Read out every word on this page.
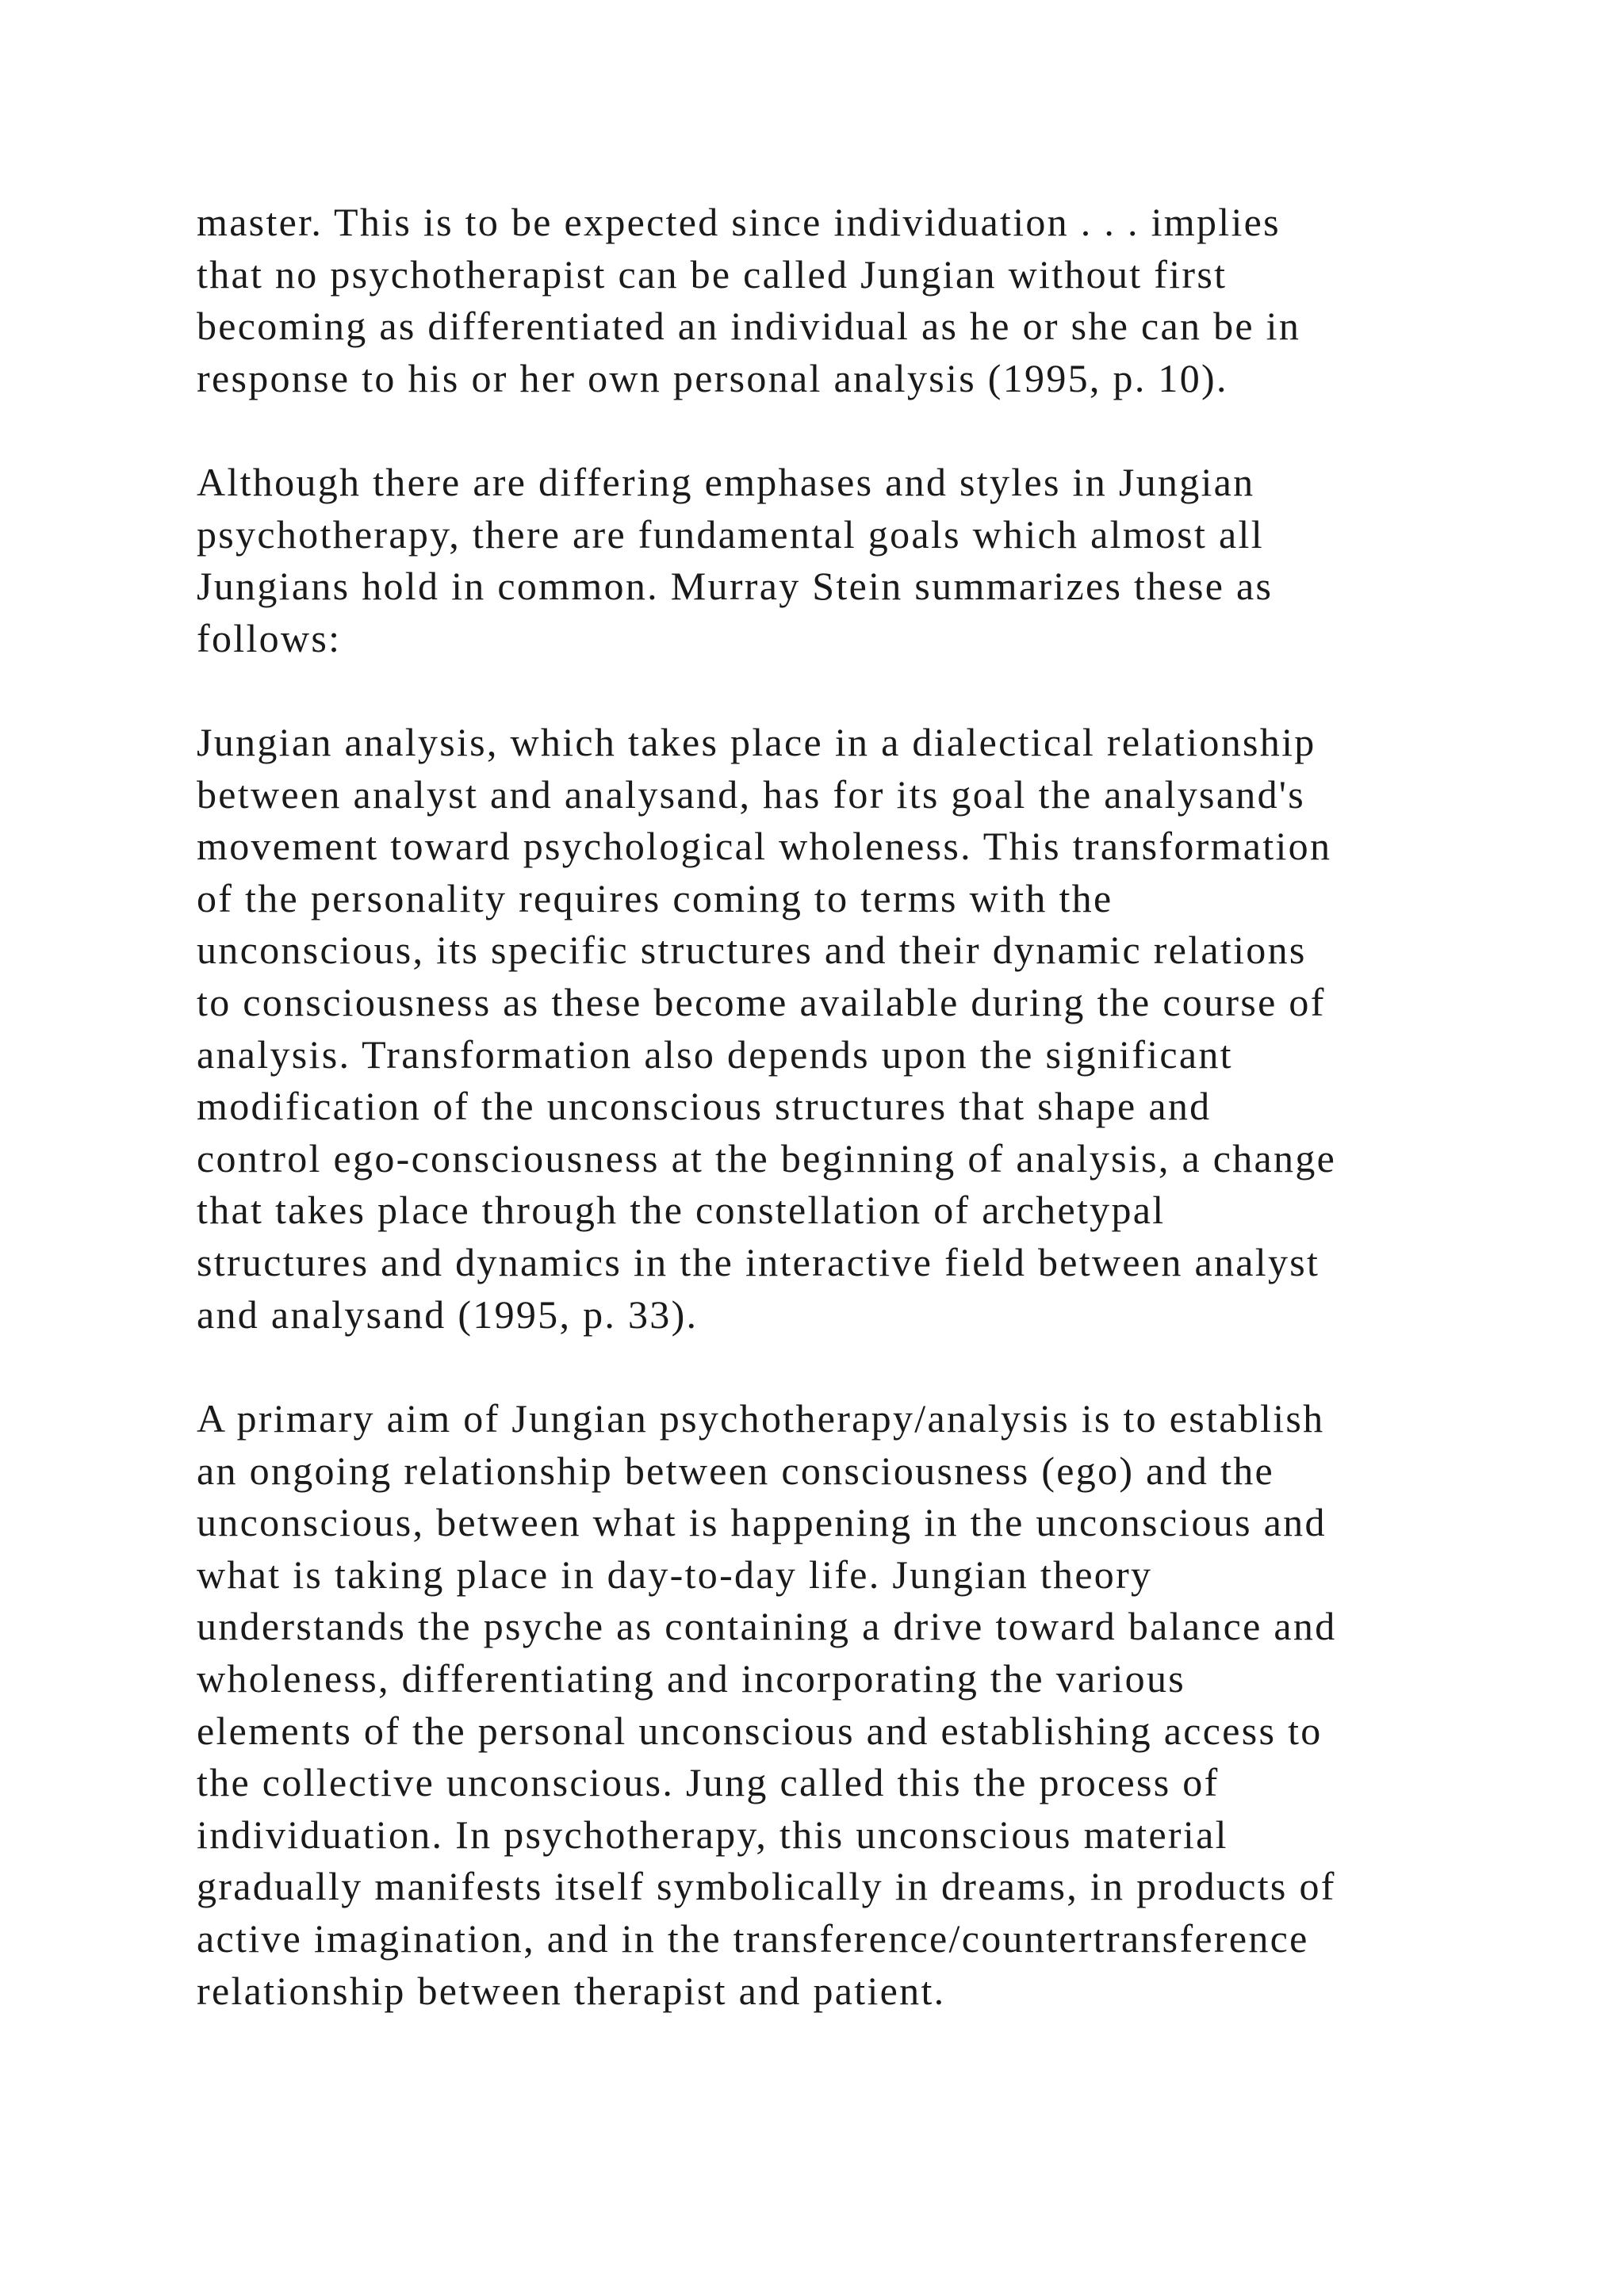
master. This is to be expected since individuation . . . implies
that no psychotherapist can be called Jungian without first
becoming as differentiated an individual as he or she can be in
response to his or her own personal analysis (1995, p. 10).

Although there are differing emphases and styles in Jungian
psychotherapy, there are fundamental goals which almost all
Jungians hold in common. Murray Stein summarizes these as
follows:

Jungian analysis, which takes place in a dialectical relationship
between analyst and analysand, has for its goal the analysand's
movement toward psychological wholeness. This transformation
of the personality requires coming to terms with the
unconscious, its specific structures and their dynamic relations
to consciousness as these become available during the course of
analysis. Transformation also depends upon the significant
modification of the unconscious structures that shape and
control ego-consciousness at the beginning of analysis, a change
that takes place through the constellation of archetypal
structures and dynamics in the interactive field between analyst
and analysand (1995, p. 33).

A primary aim of Jungian psychotherapy/analysis is to establish
an ongoing relationship between consciousness (ego) and the
unconscious, between what is happening in the unconscious and
what is taking place in day-to-day life. Jungian theory
understands the psyche as containing a drive toward balance and
wholeness, differentiating and incorporating the various
elements of the personal unconscious and establishing access to
the collective unconscious. Jung called this the process of
individuation. In psychotherapy, this unconscious material
gradually manifests itself symbolically in dreams, in products of
active imagination, and in the transference/countertransference
relationship between therapist and patient.
